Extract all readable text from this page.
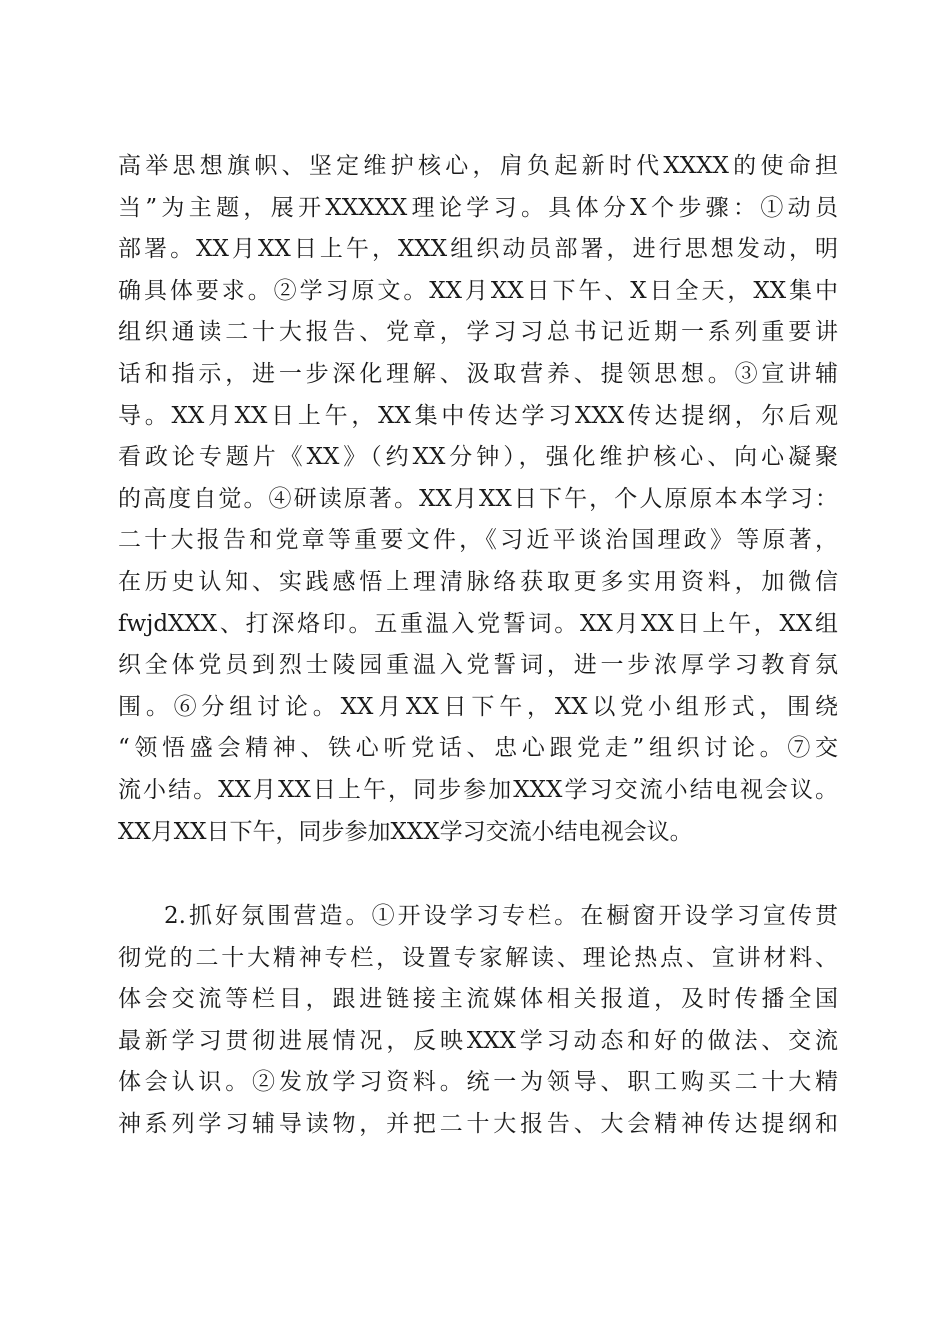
高举思想旗帜、坚定维护核心，肩负起新时代XXXX的使命担
当”为主题，展开XXXXX理论学习。具体分X个步骤：①动员
部署。XX月XX日上午，XXX组织动员部署，进行思想发动，明
确具体要求。②学习原文。XX月XX日下午、X日全天，XX集中
组织通读二十大报告、党章，学习习总书记近期一系列重要讲
话和指示，进一步深化理解、汲取营养、提领思想。③宣讲辅
导。XX月XX日上午，XX集中传达学习XXX传达提纲，尔后观
看政论专题片《XX》（约XX分钟），强化维护核心、向心凝聚
的高度自觉。④研读原著。XX月XX日下午，个人原原本本学习：
二十大报告和党章等重要文件，《习近平谈治国理政》等原著，
在历史认知、实践感悟上理清脉络获取更多实用资料，加微信
fwjdXXX、打深烙印。五重温入党誓词。XX月XX日上午，XX组
织全体党员到烈士陵园重温入党誓词，进一步浓厚学习教育氛
围。⑥分组讨论。XX月XX日下午，XX以党小组形式，围绕
“领悟盛会精神、铁心听党话、忠心跟党走”组织讨论。⑦交
流小结。XX月XX日上午，同步参加XXX学习交流小结电视会议。
XX月XX日下午，同步参加XXX学习交流小结电视会议。
2.抓好氛围营造。①开设学习专栏。在橱窗开设学习宣传贯
彻党的二十大精神专栏，设置专家解读、理论热点、宣讲材料、
体会交流等栏目，跟进链接主流媒体相关报道，及时传播全国
最新学习贯彻进展情况，反映XXX学习动态和好的做法、交流
体会认识。②发放学习资料。统一为领导、职工购买二十大精
神系列学习辅导读物，并把二十大报告、大会精神传达提纲和
